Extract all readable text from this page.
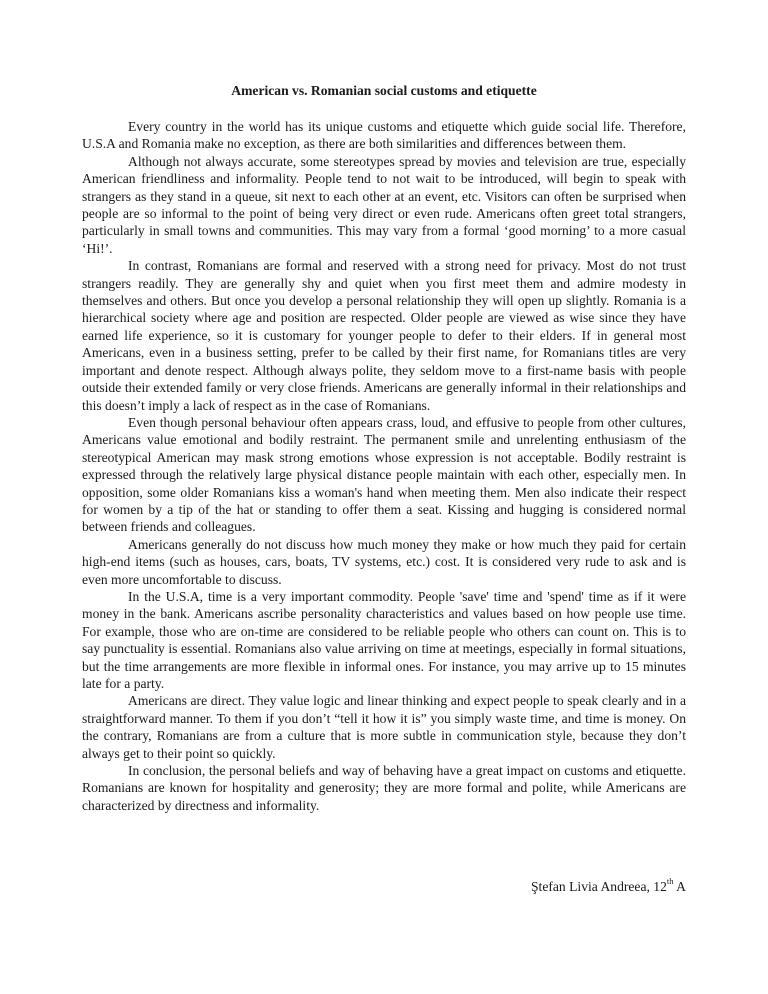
American vs. Romanian social customs and etiquette

Every country in the world has its unique customs and etiquette which guide social life. Therefore, U.S.A and Romania make no exception, as there are both similarities and differences between them.

Although not always accurate, some stereotypes spread by movies and television are true, especially American friendliness and informality. People tend to not wait to be introduced, will begin to speak with strangers as they stand in a queue, sit next to each other at an event, etc. Visitors can often be surprised when people are so informal to the point of being very direct or even rude. Americans often greet total strangers, particularly in small towns and communities. This may vary from a formal ‘good morning’ to a more casual ‘Hi!’.

In contrast, Romanians are formal and reserved with a strong need for privacy. Most do not trust strangers readily. They are generally shy and quiet when you first meet them and admire modesty in themselves and others. But once you develop a personal relationship they will open up slightly. Romania is a hierarchical society where age and position are respected. Older people are viewed as wise since they have earned life experience, so it is customary for younger people to defer to their elders. If in general most Americans, even in a business setting, prefer to be called by their first name, for Romanians titles are very important and denote respect. Although always polite, they seldom move to a first-name basis with people outside their extended family or very close friends. Americans are generally informal in their relationships and this doesn’t imply a lack of respect as in the case of Romanians.

Even though personal behaviour often appears crass, loud, and effusive to people from other cultures, Americans value emotional and bodily restraint. The permanent smile and unrelenting enthusiasm of the stereotypical American may mask strong emotions whose expression is not acceptable. Bodily restraint is expressed through the relatively large physical distance people maintain with each other, especially men. In opposition, some older Romanians kiss a woman's hand when meeting them. Men also indicate their respect for women by a tip of the hat or standing to offer them a seat. Kissing and hugging is considered normal between friends and colleagues.

Americans generally do not discuss how much money they make or how much they paid for certain high-end items (such as houses, cars, boats, TV systems, etc.) cost. It is considered very rude to ask and is even more uncomfortable to discuss.

In the U.S.A, time is a very important commodity. People 'save' time and 'spend' time as if it were money in the bank. Americans ascribe personality characteristics and values based on how people use time. For example, those who are on-time are considered to be reliable people who others can count on. This is to say punctuality is essential. Romanians also value arriving on time at meetings, especially in formal situations, but the time arrangements are more flexible in informal ones. For instance, you may arrive up to 15 minutes late for a party.

Americans are direct. They value logic and linear thinking and expect people to speak clearly and in a straightforward manner. To them if you don’t “tell it how it is” you simply waste time, and time is money. On the contrary, Romanians are from a culture that is more subtle in communication style, because they don’t always get to their point so quickly.

In conclusion, the personal beliefs and way of behaving have a great impact on customs and etiquette. Romanians are known for hospitality and generosity; they are more formal and polite, while Americans are characterized by directness and informality.

Ştefan Livia Andreea, 12th A
